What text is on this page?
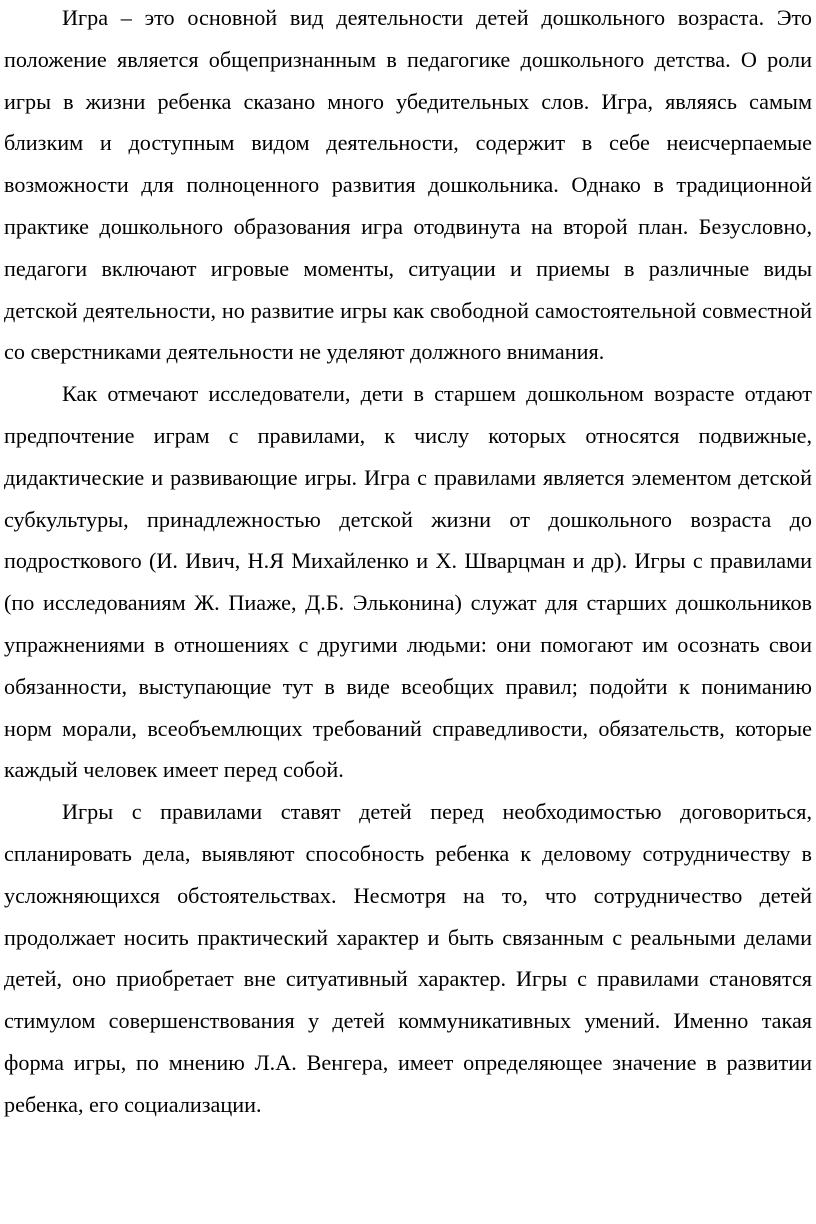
Игра – это основной вид деятельности детей дошкольного возраста. Это положение является общепризнанным в педагогике дошкольного детства. О роли игры в жизни ребенка сказано много убедительных слов. Игра, являясь самым близким и доступным видом деятельности, содержит в себе неисчерпаемые возможности для полноценного развития дошкольника. Однако в традиционной практике дошкольного образования игра отодвинута на второй план. Безусловно, педагоги включают игровые моменты, ситуации и приемы в различные виды детской деятельности, но развитие игры как свободной самостоятельной совместной со сверстниками деятельности не уделяют должного внимания.

Как отмечают исследователи, дети в старшем дошкольном возрасте отдают предпочтение играм с правилами, к числу которых относятся подвижные, дидактические и развивающие игры. Игра с правилами является элементом детской субкультуры, принадлежностью детской жизни от дошкольного возраста до подросткового (И. Ивич, Н.Я Михайленко и Х. Шварцман и др). Игры с правилами (по исследованиям Ж. Пиаже, Д.Б. Эльконина) служат для старших дошкольников упражнениями в отношениях с другими людьми: они помогают им осознать свои обязанности, выступающие тут в виде всеобщих правил; подойти к пониманию норм морали, всеобъемлющих требований справедливости, обязательств, которые каждый человек имеет перед собой.

Игры с правилами ставят детей перед необходимостью договориться, спланировать дела, выявляют способность ребенка к деловому сотрудничеству в усложняющихся обстоятельствах. Несмотря на то, что сотрудничество детей продолжает носить практический характер и быть связанным с реальными делами детей, оно приобретает вне ситуативный характер. Игры с правилами становятся стимулом совершенствования у детей коммуникативных умений. Именно такая форма игры, по мнению Л.А. Венгера, имеет определяющее значение в развитии ребенка, его социализации.
